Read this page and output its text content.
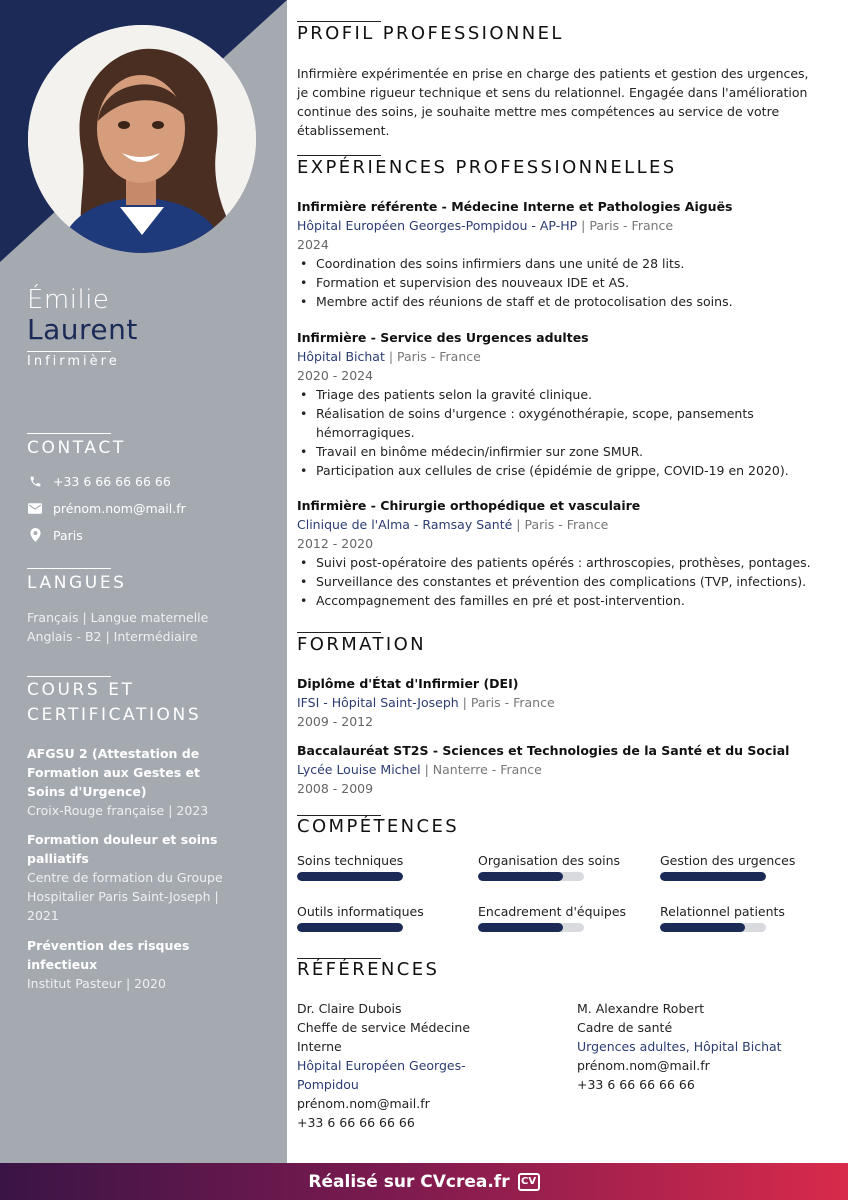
Émilie
Laurent
Infirmière
CONTACT
+33 6 66 66 66 66
prénom.nom@mail.fr
Paris
LANGUES
Français | Langue maternelle
Anglais - B2 | Intermédiaire
COURS ET
CERTIFICATIONS
AFGSU 2 (Attestation de Formation aux Gestes et Soins d'Urgence)
Croix-Rouge française | 2023
Formation douleur et soins palliatifs
Centre de formation du Groupe Hospitalier Paris Saint-Joseph | 2021
Prévention des risques infectieux
Institut Pasteur | 2020
PROFIL PROFESSIONNEL
Infirmière expérimentée en prise en charge des patients et gestion des urgences, je combine rigueur technique et sens du relationnel. Engagée dans l'amélioration continue des soins, je souhaite mettre mes compétences au service de votre établissement.
EXPÉRIENCES PROFESSIONNELLES
Infirmière référente - Médecine Interne et Pathologies Aiguës
Hôpital Européen Georges-Pompidou - AP-HP | Paris - France
2024
• Coordination des soins infirmiers dans une unité de 28 lits.
• Formation et supervision des nouveaux IDE et AS.
• Membre actif des réunions de staff et de protocolisation des soins.
Infirmière - Service des Urgences adultes
Hôpital Bichat | Paris - France
2020 - 2024
• Triage des patients selon la gravité clinique.
• Réalisation de soins d'urgence : oxygénothérapie, scope, pansements hémorragiques.
• Travail en binôme médecin/infirmier sur zone SMUR.
• Participation aux cellules de crise (épidémie de grippe, COVID-19 en 2020).
Infirmière - Chirurgie orthopédique et vasculaire
Clinique de l'Alma - Ramsay Santé | Paris - France
2012 - 2020
• Suivi post-opératoire des patients opérés : arthroscopies, prothèses, pontages.
• Surveillance des constantes et prévention des complications (TVP, infections).
• Accompagnement des familles en pré et post-intervention.
FORMATION
Diplôme d'État d'Infirmier (DEI)
IFSI - Hôpital Saint-Joseph | Paris - France
2009 - 2012
Baccalauréat ST2S - Sciences et Technologies de la Santé et du Social
Lycée Louise Michel | Nanterre - France
2008 - 2009
COMPÉTENCES
Soins techniques	Organisation des soins	Gestion des urgences
Outils informatiques	Encadrement d'équipes	Relationnel patients
RÉFÉRENCES
Dr. Claire Dubois
Cheffe de service Médecine Interne
Hôpital Européen Georges-Pompidou
prénom.nom@mail.fr
+33 6 66 66 66 66
M. Alexandre Robert
Cadre de santé
Urgences adultes, Hôpital Bichat
prénom.nom@mail.fr
+33 6 66 66 66 66
Réalisé sur CVcrea.fr	CV
